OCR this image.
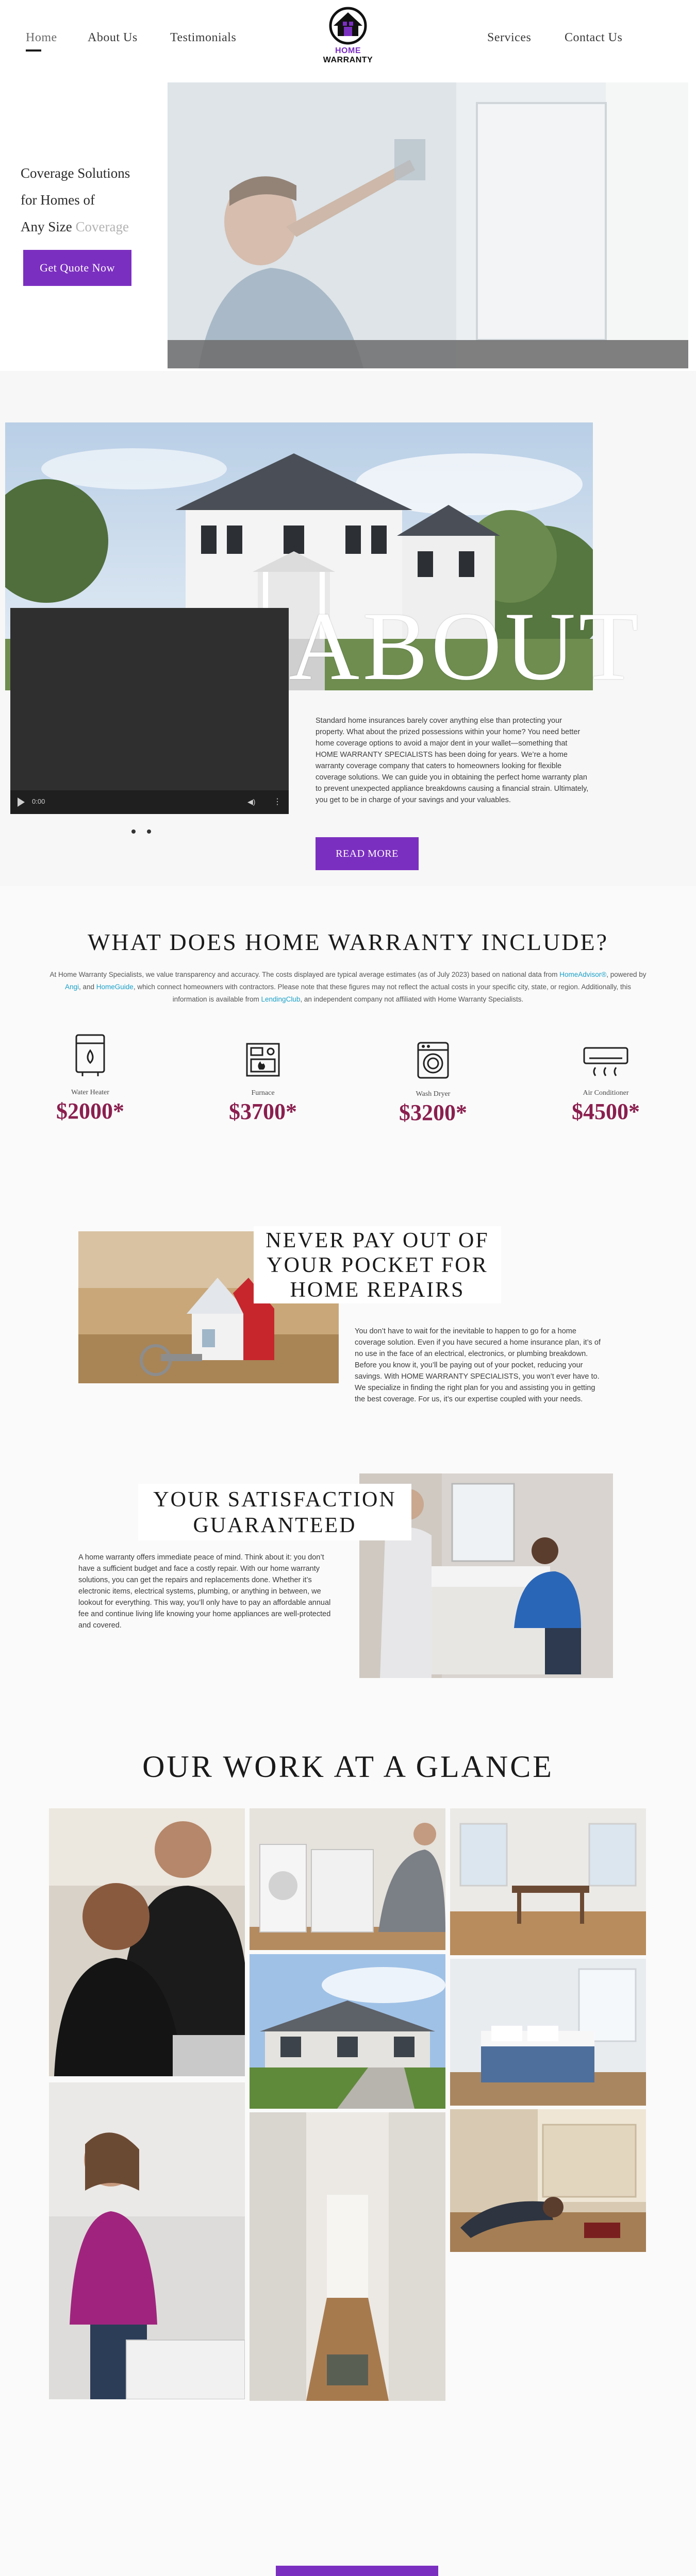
Home About Us	Testimonials
HOME WARRANTY
Services	Contact Us
Coverage Solutions
for Homes of
Any Size Coverage
Get Quote Now
ABOUT
0:00	◀) ⋮

Standard home insurances barely cover anything else than protecting your property. What about the prized possessions within your home? You need better home coverage options to avoid a major dent in your wallet—something that HOME WARRANTY SPECIALISTS has been doing for years. We’re a home warranty coverage company that caters to homeowners looking for flexible coverage solutions. We can guide you in obtaining the perfect home warranty plan to prevent unexpected appliance breakdowns causing a financial strain. Ultimately, you get to be in charge of your savings and your valuables.
READ MORE
WHAT DOES HOME WARRANTY INCLUDE?
At Home Warranty Specialists, we value transparency and accuracy. The costs displayed are typical average estimates (as of July 2023) based on national data from HomeAdvisor®, powered by Angi, and HomeGuide, which connect homeowners with contractors. Please note that these figures may not reflect the actual costs in your specific city, state, or region. Additionally, this information is available from LendingClub, an independent company not affiliated with Home Warranty Specialists.
Water Heater
$2000*
Furnace
$3700*
Wash Dryer
$3200*
Air Conditioner
$4500*
NEVER PAY OUT OF
YOUR POCKET FOR
HOME REPAIRS
You don’t have to wait for the inevitable to happen to go for a home coverage solution. Even if you have secured a home insurance plan, it’s of no use in the face of an electrical, electronics, or plumbing breakdown. Before you know it, you’ll be paying out of your pocket, reducing your savings. With HOME WARRANTY SPECIALISTS, you won’t ever have to. We specialize in finding the right plan for you and assisting you in getting the best coverage. For us, it’s our expertise coupled with your needs.
YOUR SATISFACTION
GUARANTEED
A home warranty offers immediate peace of mind. Think about it: you don’t have a sufficient budget and face a costly repair. With our home warranty solutions, you can get the repairs and replacements done. Whether it’s electronic items, electrical systems, plumbing, or anything in between, we lookout for everything. This way, you’ll only have to pay an affordable annual fee and continue living life knowing your home appliances are well-protected and covered.
OUR WORK AT A GLANCE
